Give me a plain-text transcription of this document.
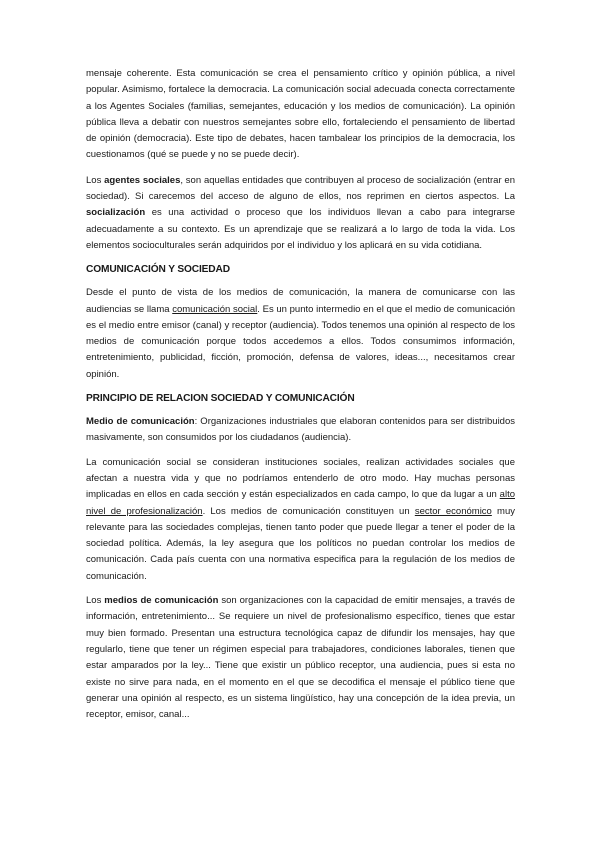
mensaje coherente. Esta comunicación se crea el pensamiento crítico y opinión pública, a nivel popular. Asimismo, fortalece la democracia. La comunicación social adecuada conecta correctamente a los Agentes Sociales (familias, semejantes, educación y los medios de comunicación). La opinión pública lleva a debatir con nuestros semejantes sobre ello, fortaleciendo el pensamiento de libertad de opinión (democracia). Este tipo de debates, hacen tambalear los principios de la democracia, los cuestionamos (qué se puede y no se puede decir).

Los agentes sociales, son aquellas entidades que contribuyen al proceso de socialización (entrar en sociedad). Si carecemos del acceso de alguno de ellos, nos reprimen en ciertos aspectos. La socialización es una actividad o proceso que los individuos llevan a cabo para integrarse adecuadamente a su contexto. Es un aprendizaje que se realizará a lo largo de toda la vida. Los elementos socioculturales serán adquiridos por el individuo y los aplicará en su vida cotidiana.

COMUNICACIÓN Y SOCIEDAD

Desde el punto de vista de los medios de comunicación, la manera de comunicarse con las audiencias se llama comunicación social. Es un punto intermedio en el que el medio de comunicación es el medio entre emisor (canal) y receptor (audiencia). Todos tenemos una opinión al respecto de los medios de comunicación porque todos accedemos a ellos. Todos consumimos información, entretenimiento, publicidad, ficción, promoción, defensa de valores, ideas..., necesitamos crear opinión.

PRINCIPIO DE RELACION SOCIEDAD Y COMUNICACIÓN

Medio de comunicación: Organizaciones industriales que elaboran contenidos para ser distribuidos masivamente, son consumidos por los ciudadanos (audiencia).

La comunicación social se consideran instituciones sociales, realizan actividades sociales que afectan a nuestra vida y que no podríamos entenderlo de otro modo. Hay muchas personas implicadas en ellos en cada sección y están especializados en cada campo, lo que da lugar a un alto nivel de profesionalización. Los medios de comunicación constituyen un sector económico muy relevante para las sociedades complejas, tienen tanto poder que puede llegar a tener el poder de la sociedad política. Además, la ley asegura que los políticos no puedan controlar los medios de comunicación. Cada país cuenta con una normativa especifica para la regulación de los medios de comunicación.

Los medios de comunicación son organizaciones con la capacidad de emitir mensajes, a través de información, entretenimiento... Se requiere un nivel de profesionalismo específico, tienes que estar muy bien formado. Presentan una estructura tecnológica capaz de difundir los mensajes, hay que regularlo, tiene que tener un régimen especial para trabajadores, condiciones laborales, tienen que estar amparados por la ley... Tiene que existir un público receptor, una audiencia, pues si esta no existe no sirve para nada, en el momento en el que se decodifica el mensaje el público tiene que generar una opinión al respecto, es un sistema lingüístico, hay una concepción de la idea previa, un receptor, emisor, canal...
